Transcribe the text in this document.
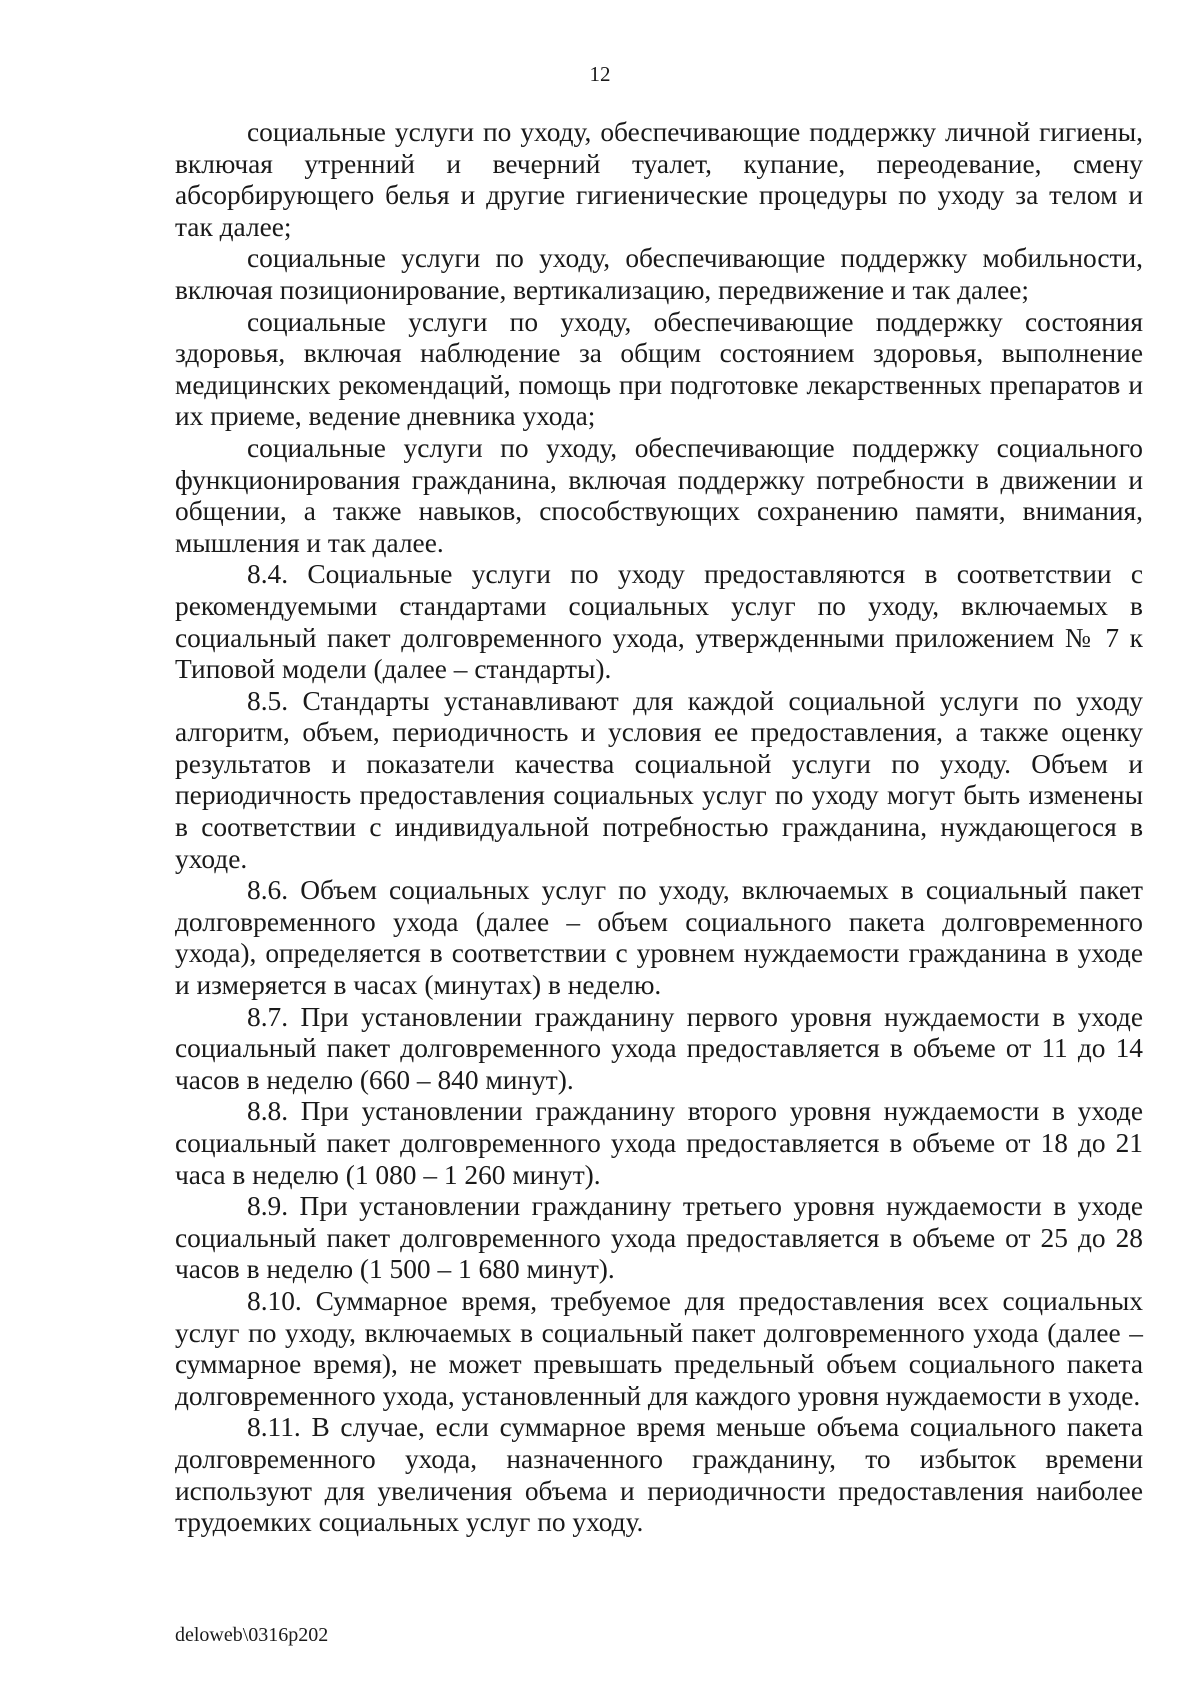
12

социальные услуги по уходу, обеспечивающие поддержку личной гигиены, включая утренний и вечерний туалет, купание, переодевание, смену абсорбирующего белья и другие гигиенические процедуры по уходу за телом и так далее;

социальные услуги по уходу, обеспечивающие поддержку мобильности, включая позиционирование, вертикализацию, передвижение и так далее;

социальные услуги по уходу, обеспечивающие поддержку состояния здоровья, включая наблюдение за общим состоянием здоровья, выполнение медицинских рекомендаций, помощь при подготовке лекарственных препаратов и их приеме, ведение дневника ухода;

социальные услуги по уходу, обеспечивающие поддержку социального функционирования гражданина, включая поддержку потребности в движении и общении, а также навыков, способствующих сохранению памяти, внимания, мышления и так далее.

8.4. Социальные услуги по уходу предоставляются в соответствии с рекомендуемыми стандартами социальных услуг по уходу, включаемых в социальный пакет долговременного ухода, утвержденными приложением № 7 к Типовой модели (далее – стандарты).

8.5. Стандарты устанавливают для каждой социальной услуги по уходу алгоритм, объем, периодичность и условия ее предоставления, а также оценку результатов и показатели качества социальной услуги по уходу. Объем и периодичность предоставления социальных услуг по уходу могут быть изменены в соответствии с индивидуальной потребностью гражданина, нуждающегося в уходе.

8.6. Объем социальных услуг по уходу, включаемых в социальный пакет долговременного ухода (далее – объем социального пакета долговременного ухода), определяется в соответствии с уровнем нуждаемости гражданина в уходе и измеряется в часах (минутах) в неделю.

8.7. При установлении гражданину первого уровня нуждаемости в уходе социальный пакет долговременного ухода предоставляется в объеме от 11 до 14 часов в неделю (660 – 840 минут).

8.8. При установлении гражданину второго уровня нуждаемости в уходе социальный пакет долговременного ухода предоставляется в объеме от 18 до 21 часа в неделю (1 080 – 1 260 минут).

8.9. При установлении гражданину третьего уровня нуждаемости в уходе социальный пакет долговременного ухода предоставляется в объеме от 25 до 28 часов в неделю (1 500 – 1 680 минут).

8.10. Суммарное время, требуемое для предоставления всех социальных услуг по уходу, включаемых в социальный пакет долговременного ухода (далее – суммарное время), не может превышать предельный объем социального пакета долговременного ухода, установленный для каждого уровня нуждаемости в уходе.

8.11. В случае, если суммарное время меньше объема социального пакета долговременного ухода, назначенного гражданину, то избыток времени используют для увеличения объема и периодичности предоставления наиболее трудоемких социальных услуг по уходу.

deloweb\0316p202
